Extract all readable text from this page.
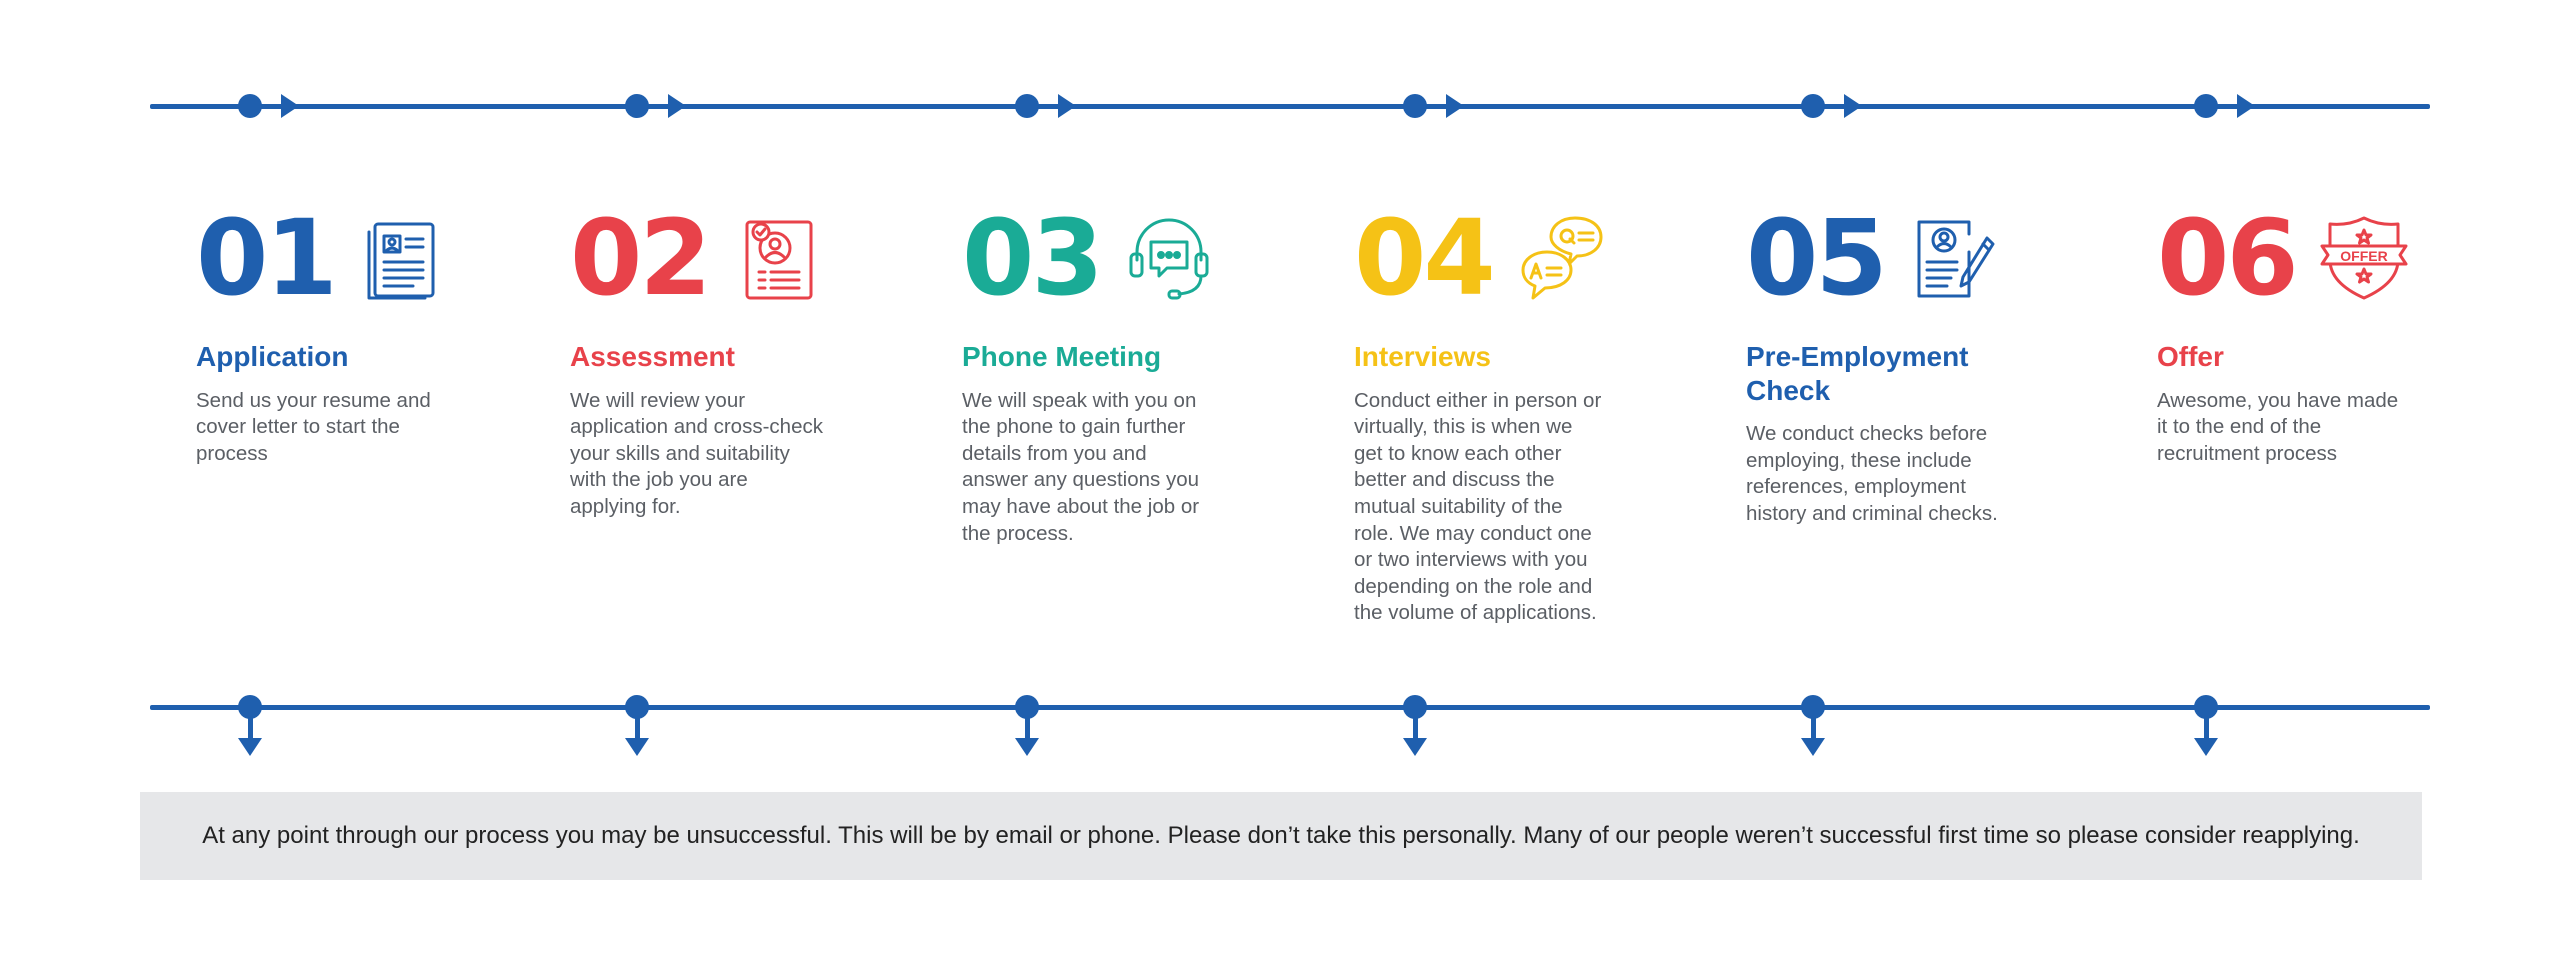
01
Application
Send us your resume and
cover letter to start the
process
02
Assessment
We will review your
application and cross-check
your skills and suitability
with the job you are
applying for.
03
Phone Meeting
We will speak with you on
the phone to gain further
details from you and
answer any questions you
may have about the job or
the process.
04
Interviews
Conduct either in person or
virtually, this is when we
get to know each other
better and discuss the
mutual suitability of the
role. We may conduct one
or two interviews with you
depending on the role and
the volume of applications.
05
Pre-Employment Check
We conduct checks before
employing, these include
references, employment
history and criminal checks.
06	OFFER
Offer
Awesome, you have made
it to the end of the
recruitment process
At any point through our process you may be unsuccessful. This will be by email or phone. Please don’t take this personally. Many of our people weren’t successful first time so please consider reapplying.
